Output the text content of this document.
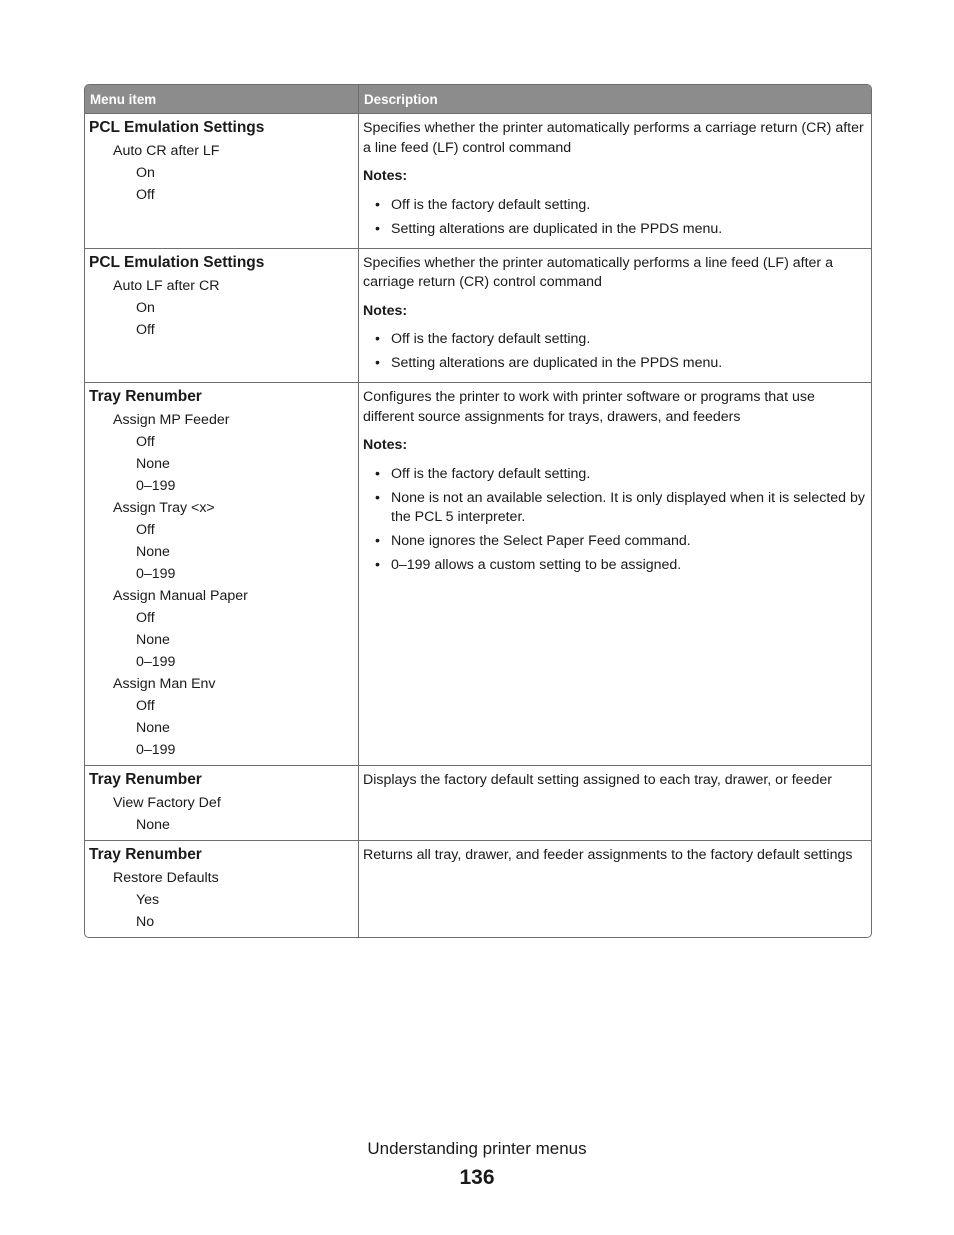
Menu item	Description
PCL Emulation Settings
Auto CR after LF
On
Off

Specifies whether the printer automatically performs a carriage return (CR) after a line feed (LF) control command

Notes:
• Off is the factory default setting.
• Setting alterations are duplicated in the PPDS menu.
PCL Emulation Settings
Auto LF after CR
On
Off

Specifies whether the printer automatically performs a line feed (LF) after a carriage return (CR) control command

Notes:
• Off is the factory default setting.
• Setting alterations are duplicated in the PPDS menu.
Tray Renumber
Assign MP Feeder
Off
None
0–199
Assign Tray <x>
Off
None
0–199
Assign Manual Paper
Off
None
0–199
Assign Man Env
Off
None
0–199

Configures the printer to work with printer software or programs that use different source assignments for trays, drawers, and feeders

Notes:
• Off is the factory default setting.
• None is not an available selection. It is only displayed when it is selected by the PCL 5 interpreter.
• None ignores the Select Paper Feed command.
• 0–199 allows a custom setting to be assigned.
Tray Renumber
View Factory Def
None

Displays the factory default setting assigned to each tray, drawer, or feeder

Tray Renumber
Restore Defaults
Yes
No

Returns all tray, drawer, and feeder assignments to the factory default settings

Understanding printer menus
136
